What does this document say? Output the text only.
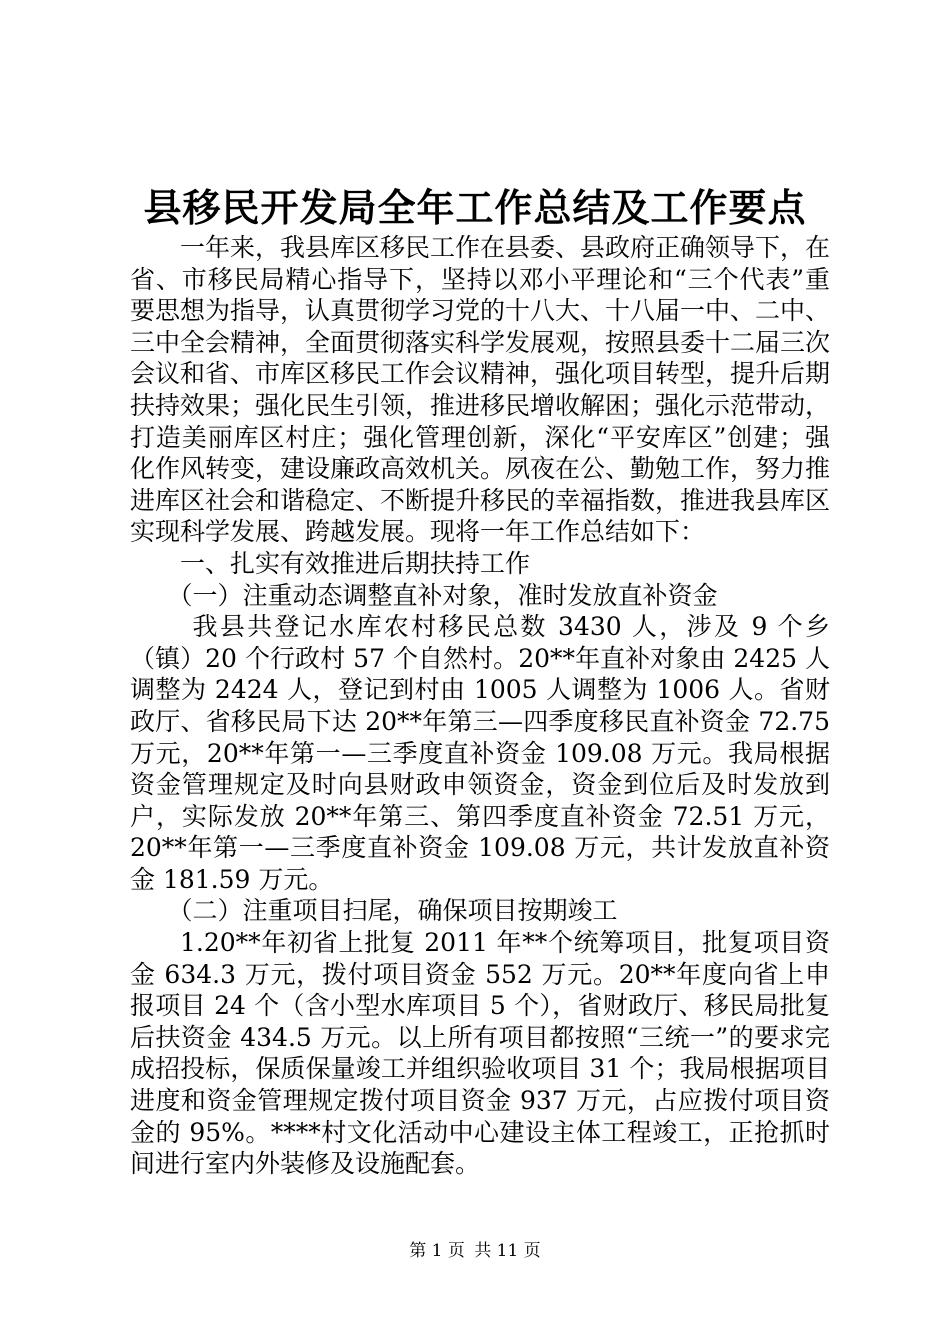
县移民开发局全年工作总结及工作要点

一年来，我县库区移民工作在县委、县政府正确领导下，在省、市移民局精心指导下，坚持以邓小平理论和“三个代表”重要思想为指导，认真贯彻学习党的十八大、十八届一中、二中、三中全会精神，全面贯彻落实科学发展观，按照县委十二届三次会议和省、市库区移民工作会议精神，强化项目转型，提升后期扶持效果；强化民生引领，推进移民增收解困；强化示范带动，打造美丽库区村庄；强化管理创新，深化“平安库区”创建；强化作风转变，建设廉政高效机关。夙夜在公、勤勉工作，努力推进库区社会和谐稳定、不断提升移民的幸福指数，推进我县库区实现科学发展、跨越发展。现将一年工作总结如下：

一、扎实有效推进后期扶持工作

（一）注重动态调整直补对象，准时发放直补资金

我县共登记水库农村移民总数 3430 人，涉及 9 个乡（镇）20 个行政村 57 个自然村。20**年直补对象由 2425 人调整为 2424 人，登记到村由 1005 人调整为 1006 人。省财政厅、省移民局下达 20**年第三—四季度移民直补资金 72.75 万元，20**年第一—三季度直补资金 109.08 万元。我局根据资金管理规定及时向县财政申领资金，资金到位后及时发放到户，实际发放 20**年第三、第四季度直补资金 72.51 万元，20**年第一—三季度直补资金 109.08 万元，共计发放直补资金 181.59 万元。

（二）注重项目扫尾，确保项目按期竣工

1.20**年初省上批复 2011 年**个统筹项目，批复项目资金 634.3 万元，拨付项目资金 552 万元。20**年度向省上申报项目 24 个（含小型水库项目 5 个），省财政厅、移民局批复后扶资金 434.5 万元。以上所有项目都按照“三统一”的要求完成招投标，保质保量竣工并组织验收项目 31 个；我局根据项目进度和资金管理规定拨付项目资金 937 万元，占应拨付项目资金的 95%。****村文化活动中心建设主体工程竣工，正抢抓时间进行室内外装修及设施配套。

第 1 页 共 11 页
